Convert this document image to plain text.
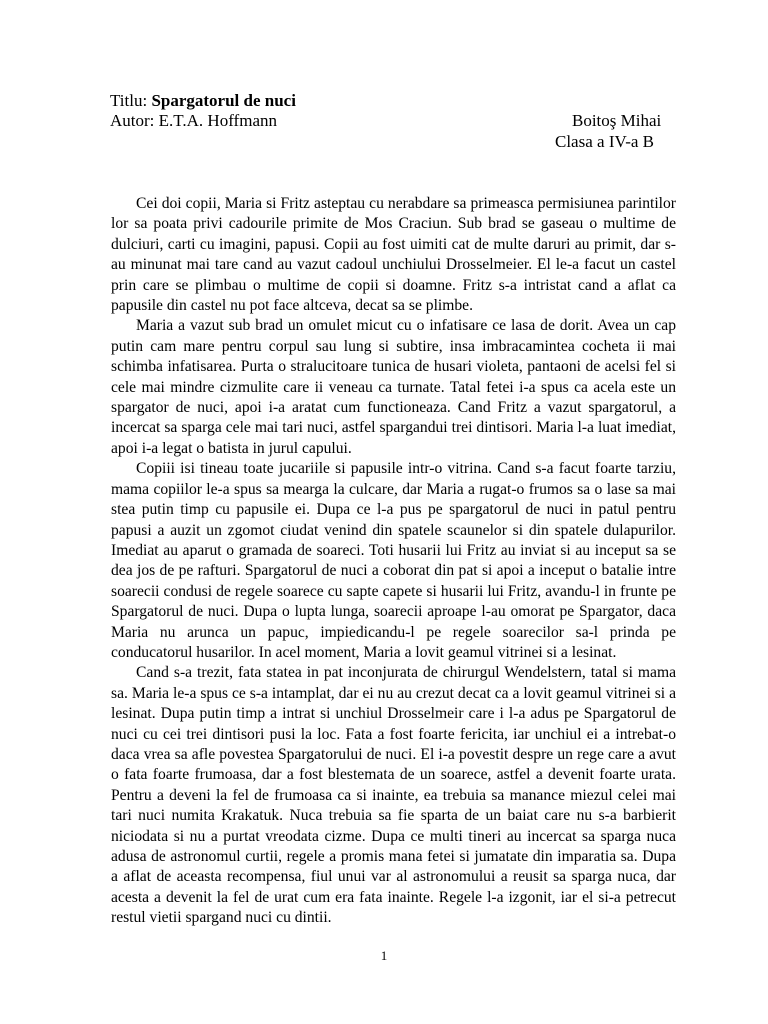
Titlu: Spargatorul de nuci
Autor: E.T.A. Hoffmann	Boitoş Mihai
Clasa a IV-a B

Cei doi copii, Maria si Fritz asteptau cu nerabdare sa primeasca permisiunea parintilor lor sa poata privi cadourile primite de Mos Craciun. Sub brad se gaseau o multime de dulciuri, carti cu imagini, papusi. Copii au fost uimiti cat de multe daruri au primit, dar s-au minunat mai tare cand au vazut cadoul unchiului Drosselmeier. El le-a facut un castel prin care se plimbau o multime de copii si doamne. Fritz s-a intristat cand a aflat ca papusile din castel nu pot face altceva, decat sa se plimbe.

Maria a vazut sub brad un omulet micut cu o infatisare ce lasa de dorit. Avea un cap putin cam mare pentru corpul sau lung si subtire, insa imbracamintea cocheta ii mai schimba infatisarea. Purta o stralucitoare tunica de husari violeta, pantaoni de acelsi fel si cele mai mindre cizmulite care ii veneau ca turnate. Tatal fetei i-a spus ca acela este un spargator de nuci, apoi i-a aratat cum functioneaza. Cand Fritz a vazut spargatorul, a incercat sa sparga cele mai tari nuci, astfel spargandui trei dintisori. Maria l-a luat imediat, apoi i-a legat o batista in jurul capului.

Copiii isi tineau toate jucariile si papusile intr-o vitrina. Cand s-a facut foarte tarziu, mama copiilor le-a spus sa mearga la culcare, dar Maria a rugat-o frumos sa o lase sa mai stea putin timp cu papusile ei. Dupa ce l-a pus pe spargatorul de nuci in patul pentru papusi a auzit un zgomot ciudat venind din spatele scaunelor si din spatele dulapurilor. Imediat au aparut o gramada de soareci. Toti husarii lui Fritz au inviat si au inceput sa se dea jos de pe rafturi. Spargatorul de nuci a coborat din pat si apoi a inceput o batalie intre soarecii condusi de regele soarece cu sapte capete si husarii lui Fritz, avandu-l in frunte pe Spargatorul de nuci. Dupa o lupta lunga, soarecii aproape l-au omorat pe Spargator, daca Maria nu arunca un papuc, impiedicandu-l pe regele soarecilor sa-l prinda pe conducatorul husarilor. In acel moment, Maria a lovit geamul vitrinei si a lesinat.

Cand s-a trezit, fata statea in pat inconjurata de chirurgul Wendelstern, tatal si mama sa. Maria le-a spus ce s-a intamplat, dar ei nu au crezut decat ca a lovit geamul vitrinei si a lesinat. Dupa putin timp a intrat si unchiul Drosselmeir care i l-a adus pe Spargatorul de nuci cu cei trei dintisori pusi la loc. Fata a fost foarte fericita, iar unchiul ei a intrebat-o daca vrea sa afle povestea Spargatorului de nuci. El i-a povestit despre un rege care a avut o fata foarte frumoasa, dar a fost blestemata de un soarece, astfel a devenit foarte urata. Pentru a deveni la fel de frumoasa ca si inainte, ea trebuia sa manance miezul celei mai tari nuci numita Krakatuk. Nuca trebuia sa fie sparta de un baiat care nu s-a barbierit niciodata si nu a purtat vreodata cizme. Dupa ce multi tineri au incercat sa sparga nuca adusa de astronomul curtii, regele a promis mana fetei si jumatate din imparatia sa. Dupa a aflat de aceasta recompensa, fiul unui var al astronomului a reusit sa sparga nuca, dar acesta a devenit la fel de urat cum era fata inainte. Regele l-a izgonit, iar el si-a petrecut restul vietii spargand nuci cu dintii.

1
